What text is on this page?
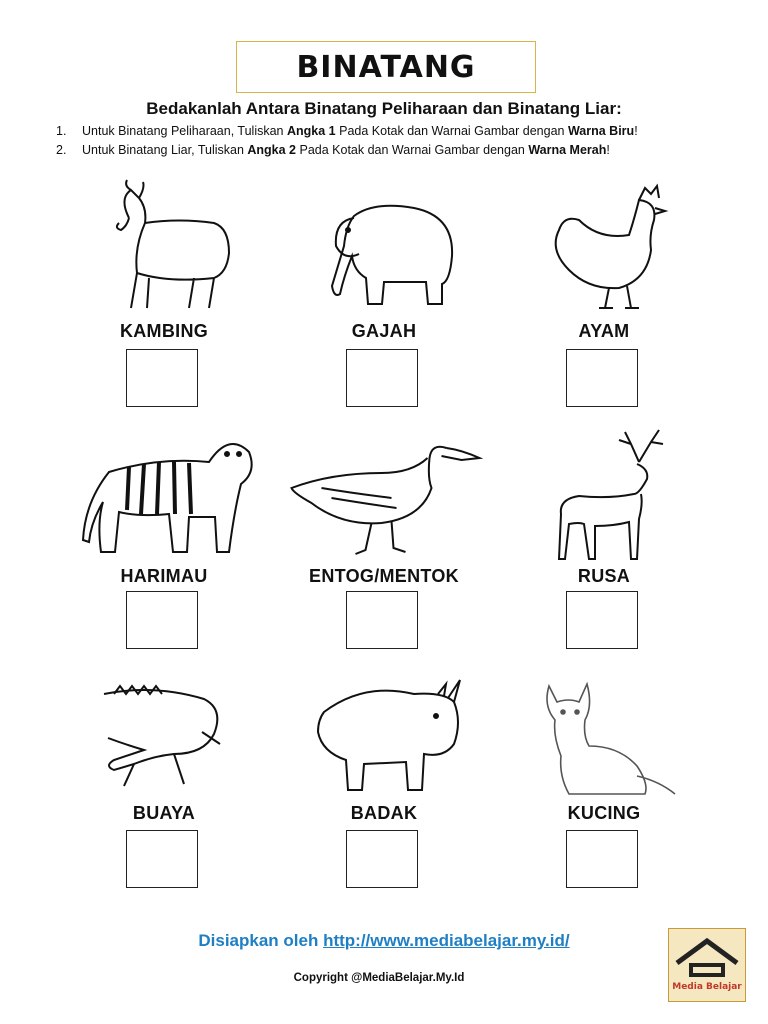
BINATANG
Bedakanlah Antara Binatang Peliharaan dan Binatang Liar:
1.	Untuk Binatang Peliharaan, Tuliskan Angka 1 Pada Kotak dan Warnai Gambar dengan Warna Biru!
2.	Untuk Binatang Liar, Tuliskan Angka 2 Pada Kotak dan Warnai Gambar dengan Warna Merah!
KAMBING	GAJAH	AYAM
HARIMAU	ENTOG/MENTOK	RUSA
BUAYA	BADAK	KUCING
Disiapkan oleh http://www.mediabelajar.my.id/
Copyright @MediaBelajar.My.Id
Media Belajar
